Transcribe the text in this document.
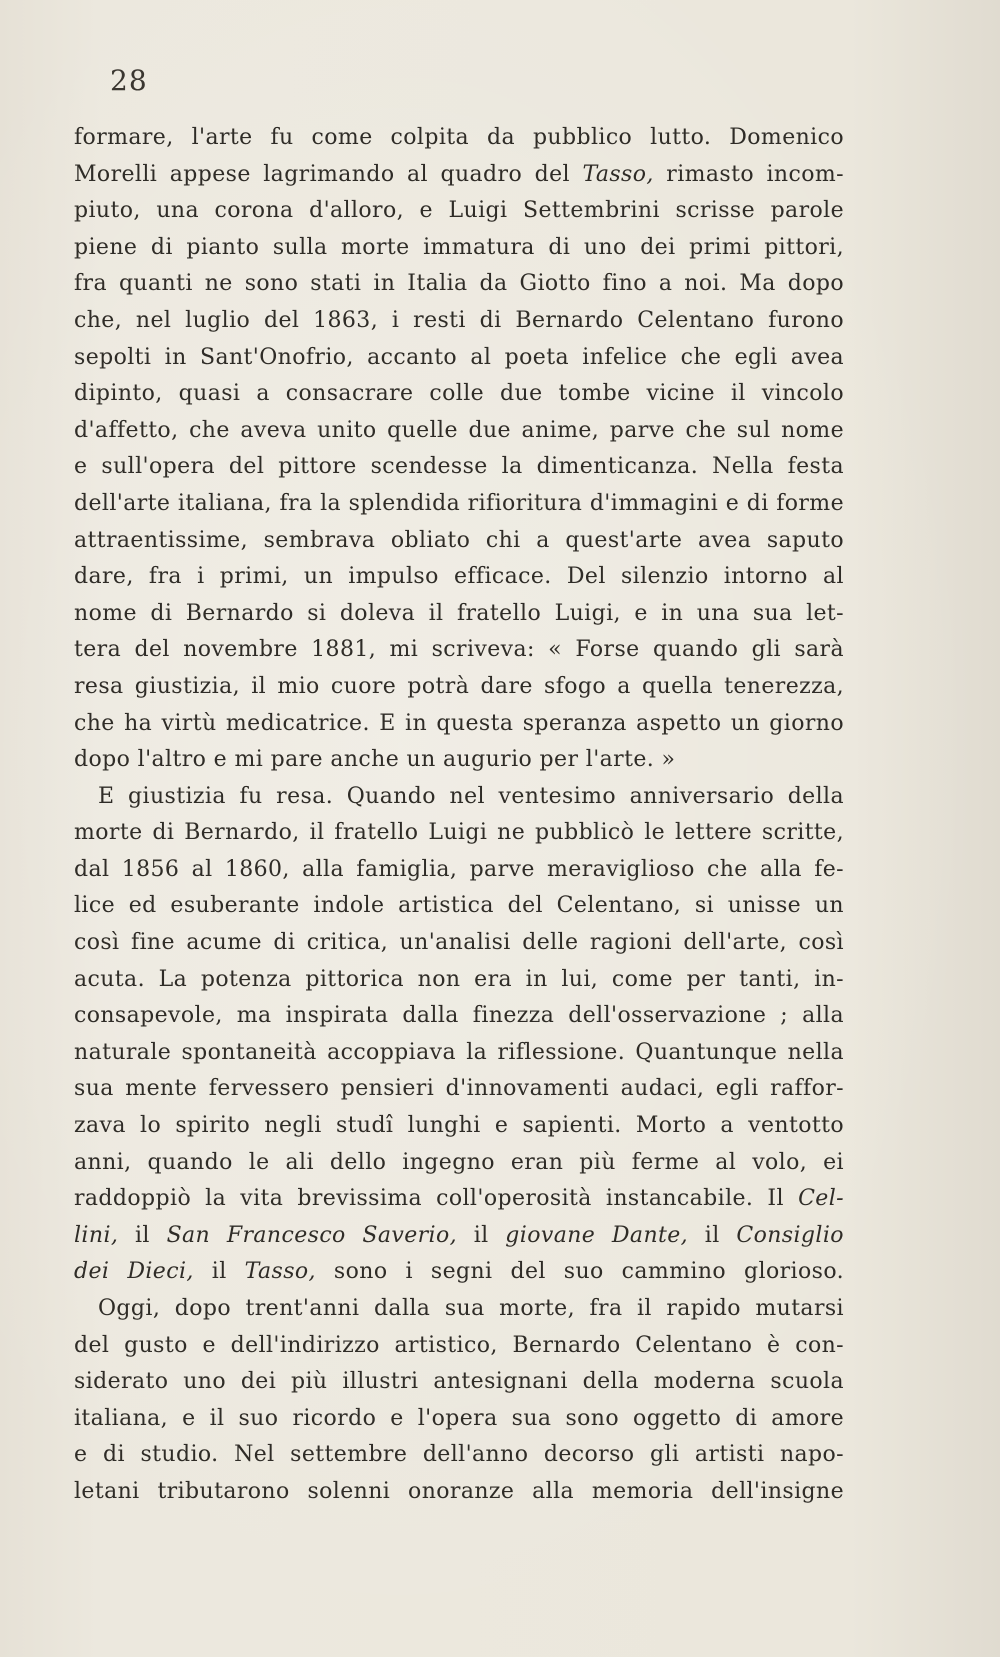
28
formare, l'arte fu come colpita da pubblico lutto. Domenico
Morelli appese lagrimando al quadro del Tasso, rimasto incom-
piuto, una corona d'alloro, e Luigi Settembrini scrisse parole
piene di pianto sulla morte immatura di uno dei primi pittori,
fra quanti ne sono stati in Italia da Giotto fino a noi. Ma dopo
che, nel luglio del 1863, i resti di Bernardo Celentano furono
sepolti in Sant'Onofrio, accanto al poeta infelice che egli avea
dipinto, quasi a consacrare colle due tombe vicine il vincolo
d'affetto, che aveva unito quelle due anime, parve che sul nome
e sull'opera del pittore scendesse la dimenticanza. Nella festa
dell'arte italiana, fra la splendida rifioritura d'immagini e di forme
attraentissime, sembrava obliato chi a quest'arte avea saputo
dare, fra i primi, un impulso efficace. Del silenzio intorno al
nome di Bernardo si doleva il fratello Luigi, e in una sua let-
tera del novembre 1881, mi scriveva: « Forse quando gli sarà
resa giustizia, il mio cuore potrà dare sfogo a quella tenerezza,
che ha virtù medicatrice. E in questa speranza aspetto un giorno
dopo l'altro e mi pare anche un augurio per l'arte. »
E giustizia fu resa. Quando nel ventesimo anniversario della
morte di Bernardo, il fratello Luigi ne pubblicò le lettere scritte,
dal 1856 al 1860, alla famiglia, parve meraviglioso che alla fe-
lice ed esuberante indole artistica del Celentano, si unisse un
così fine acume di critica, un'analisi delle ragioni dell'arte, così
acuta. La potenza pittorica non era in lui, come per tanti, in-
consapevole, ma inspirata dalla finezza dell'osservazione ; alla
naturale spontaneità accoppiava la riflessione. Quantunque nella
sua mente fervessero pensieri d'innovamenti audaci, egli raffor-
zava lo spirito negli studî lunghi e sapienti. Morto a ventotto
anni, quando le ali dello ingegno eran più ferme al volo, ei
raddoppiò la vita brevissima coll'operosità instancabile. Il Cel-
lini, il San Francesco Saverio, il giovane Dante, il Consiglio
dei Dieci, il Tasso, sono i segni del suo cammino glorioso.
Oggi, dopo trent'anni dalla sua morte, fra il rapido mutarsi
del gusto e dell'indirizzo artistico, Bernardo Celentano è con-
siderato uno dei più illustri antesignani della moderna scuola
italiana, e il suo ricordo e l'opera sua sono oggetto di amore
e di studio. Nel settembre dell'anno decorso gli artisti napo-
letani tributarono solenni onoranze alla memoria dell'insigne
